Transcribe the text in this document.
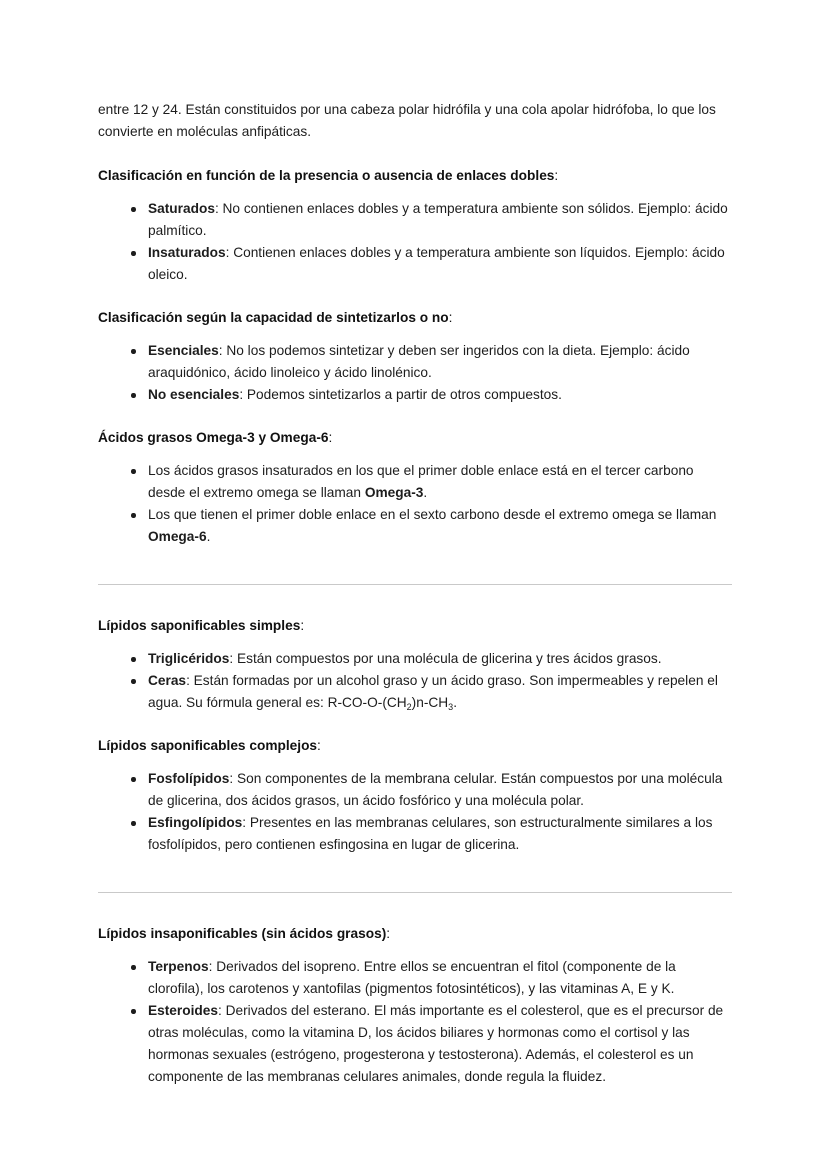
entre 12 y 24. Están constituidos por una cabeza polar hidrófila y una cola apolar hidrófoba, lo que los convierte en moléculas anfipáticas.

Clasificación en función de la presencia o ausencia de enlaces dobles:

Saturados: No contienen enlaces dobles y a temperatura ambiente son sólidos. Ejemplo: ácido palmítico.
Insaturados: Contienen enlaces dobles y a temperatura ambiente son líquidos. Ejemplo: ácido oleico.

Clasificación según la capacidad de sintetizarlos o no:

Esenciales: No los podemos sintetizar y deben ser ingeridos con la dieta. Ejemplo: ácido araquidónico, ácido linoleico y ácido linolénico.
No esenciales: Podemos sintetizarlos a partir de otros compuestos.

Ácidos grasos Omega-3 y Omega-6:

Los ácidos grasos insaturados en los que el primer doble enlace está en el tercer carbono desde el extremo omega se llaman Omega-3.
Los que tienen el primer doble enlace en el sexto carbono desde el extremo omega se llaman Omega-6.

Lípidos saponificables simples:

Triglicéridos: Están compuestos por una molécula de glicerina y tres ácidos grasos.
Ceras: Están formadas por un alcohol graso y un ácido graso. Son impermeables y repelen el agua. Su fórmula general es: $R-CO-O-(CH_2)n-CH_3$.

Lípidos saponificables complejos:

Fosfolípidos: Son componentes de la membrana celular. Están compuestos por una molécula de glicerina, dos ácidos grasos, un ácido fosfórico y una molécula polar.
Esfingolípidos: Presentes en las membranas celulares, son estructuralmente similares a los fosfolípidos, pero contienen esfingosina en lugar de glicerina.

Lípidos insaponificables (sin ácidos grasos):

Terpenos: Derivados del isopreno. Entre ellos se encuentran el fitol (componente de la clorofila), los carotenos y xantofilas (pigmentos fotosintéticos), y las vitaminas A, E y K.
Esteroides: Derivados del esterano. El más importante es el colesterol, que es el precursor de otras moléculas, como la vitamina D, los ácidos biliares y hormonas como el cortisol y las hormonas sexuales (estrógeno, progesterona y testosterona). Además, el colesterol es un componente de las membranas celulares animales, donde regula la fluidez.
